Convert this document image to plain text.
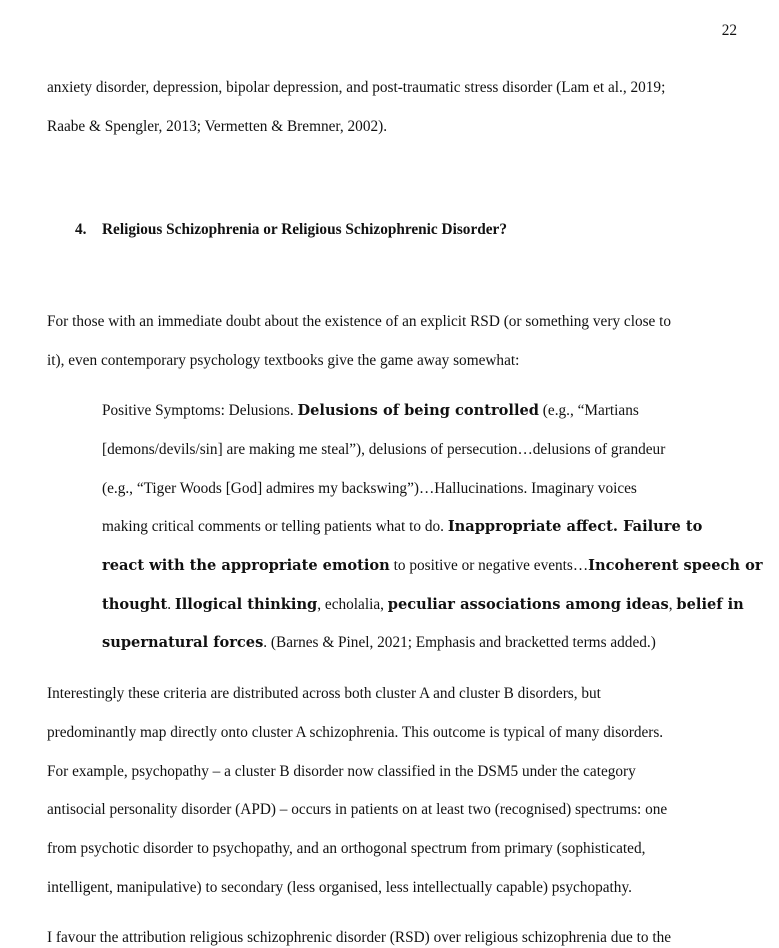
22
anxiety disorder, depression, bipolar depression, and post-traumatic stress disorder (Lam et al., 2019;
Raabe & Spengler, 2013; Vermetten & Bremner, 2002).
4. Religious Schizophrenia or Religious Schizophrenic Disorder?
For those with an immediate doubt about the existence of an explicit RSD (or something very close to
it), even contemporary psychology textbooks give the game away somewhat:
Positive Symptoms: Delusions. Delusions of being controlled (e.g., “Martians
[demons/devils/sin] are making me steal”), delusions of persecution…delusions of grandeur
(e.g., “Tiger Woods [God] admires my backswing”)…Hallucinations. Imaginary voices
making critical comments or telling patients what to do. Inappropriate affect. Failure to
react with the appropriate emotion to positive or negative events…Incoherent speech or
thought. Illogical thinking, echolalia, peculiar associations among ideas, belief in
supernatural forces. (Barnes & Pinel, 2021; Emphasis and bracketted terms added.)
Interestingly these criteria are distributed across both cluster A and cluster B disorders, but
predominantly map directly onto cluster A schizophrenia. This outcome is typical of many disorders.
For example, psychopathy – a cluster B disorder now classified in the DSM5 under the category
antisocial personality disorder (APD) – occurs in patients on at least two (recognised) spectrums: one
from psychotic disorder to psychopathy, and an orthogonal spectrum from primary (sophisticated,
intelligent, manipulative) to secondary (less organised, less intellectually capable) psychopathy.
I favour the attribution religious schizophrenic disorder (RSD) over religious schizophrenia due to the
